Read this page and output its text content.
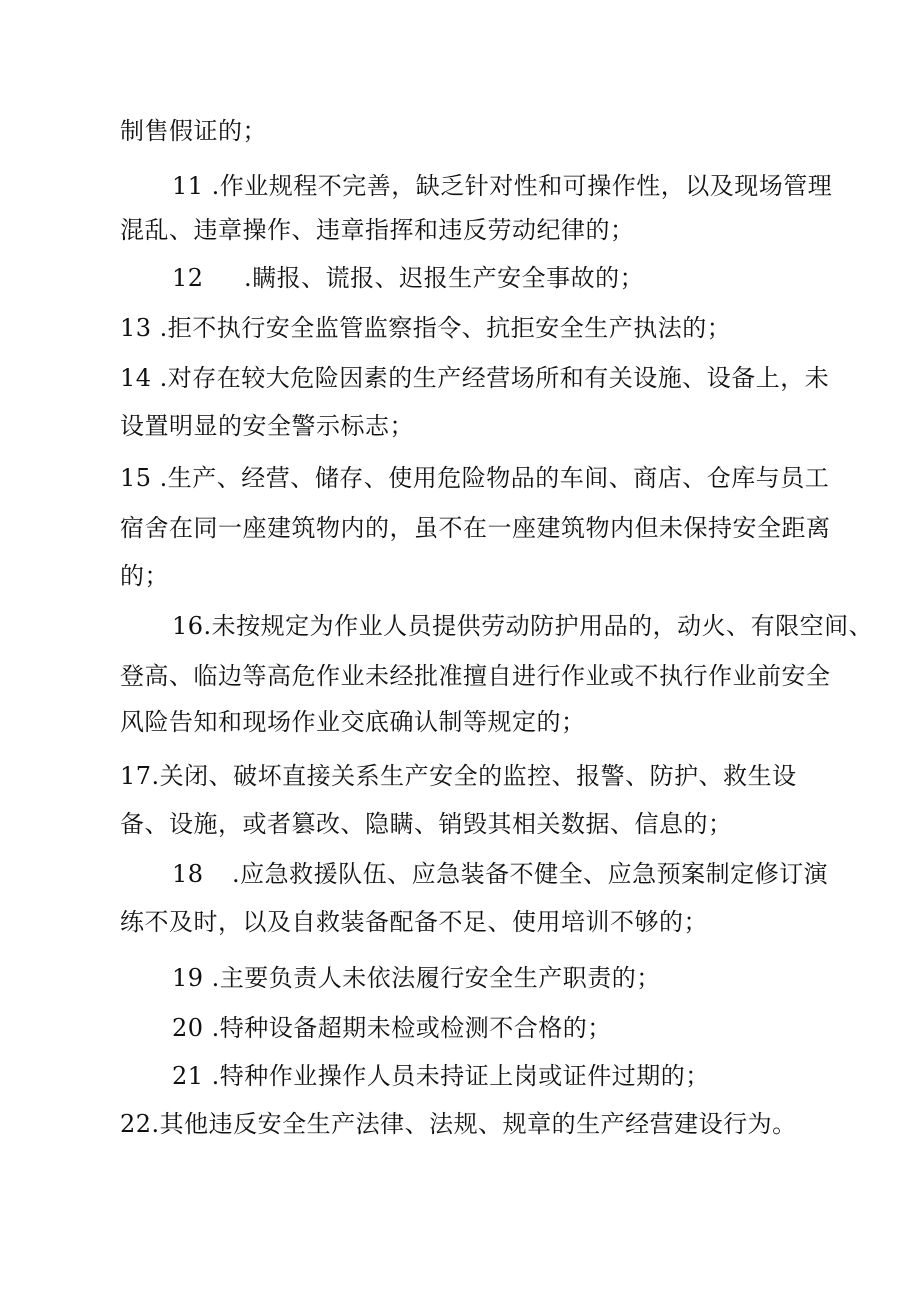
制售假证的；
11 .作业规程不完善，缺乏针对性和可操作性，以及现场管理
混乱、违章操作、违章指挥和违反劳动纪律的；
12 .瞒报、谎报、迟报生产安全事故的；
13 .拒不执行安全监管监察指令、抗拒安全生产执法的；
14 .对存在较大危险因素的生产经营场所和有关设施、设备上，未
设置明显的安全警示标志；
15 .生产、经营、储存、使用危险物品的车间、商店、仓库与员工
宿舍在同一座建筑物内的，虽不在一座建筑物内但未保持安全距离
的；
16.未按规定为作业人员提供劳动防护用品的，动火、有限空间、
登高、临边等高危作业未经批准擅自进行作业或不执行作业前安全
风险告知和现场作业交底确认制等规定的；
17.关闭、破坏直接关系生产安全的监控、报警、防护、救生设
备、设施，或者篡改、隐瞒、销毁其相关数据、信息的；
18 .应急救援队伍、应急装备不健全、应急预案制定修订演
练不及时，以及自救装备配备不足、使用培训不够的；
19 .主要负责人未依法履行安全生产职责的；
20 .特种设备超期未检或检测不合格的；
21 .特种作业操作人员未持证上岗或证件过期的；
22.其他违反安全生产法律、法规、规章的生产经营建设行为。
